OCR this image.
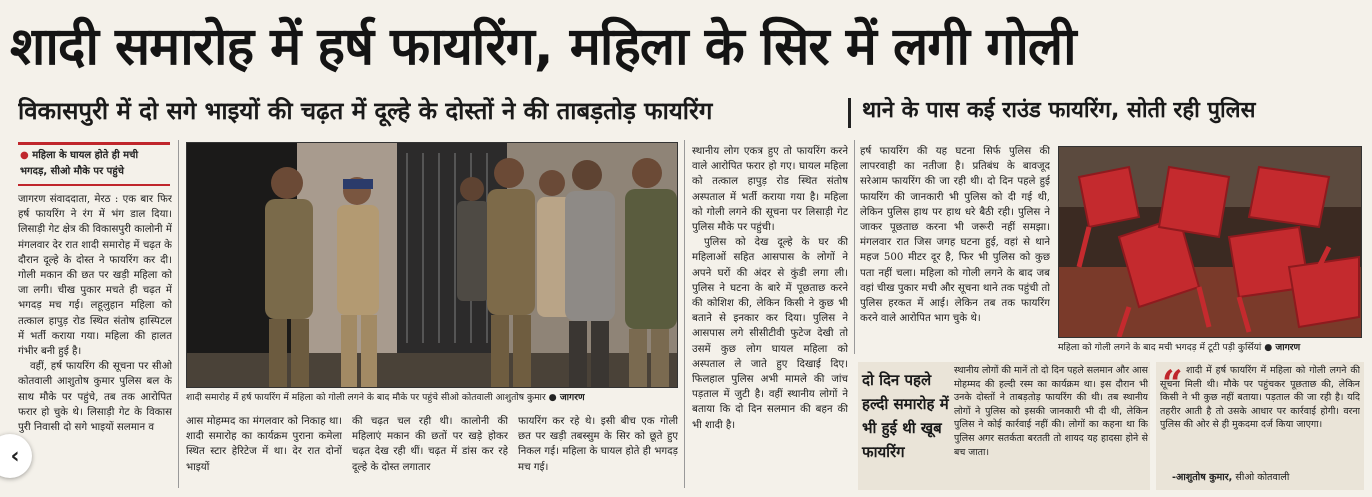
शादी समारोह में हर्ष फायरिंग, महिला के सिर में लगी गोली
विकासपुरी में दो सगे भाइयों की चढ़त में दूल्हे के दोस्तों ने की ताबड़तोड़ फायरिंग	थाने के पास कई राउंड फायरिंग, सोती रही पुलिस
● महिला के घायल होते ही मची भगदड़, सीओ मौके पर पहुंचे

जागरण संवाददाता, मेरठ : एक बार फिर हर्ष फायरिंग ने रंग में भंग डाल दिया। लिसाड़ी गेट क्षेत्र की विकासपुरी कालोनी में मंगलवार देर रात शादी समारोह में चढ़त के दौरान दूल्हे के दोस्त ने फायरिंग कर दी। गोली मकान की छत पर खड़ी महिला को जा लगी। चीख पुकार मचते ही चढ़त में भगदड़ मच गई। लहूलुहान महिला को तत्काल हापुड़ रोड स्थित संतोष हास्पिटल में भर्ती कराया गया। महिला की हालत गंभीर बनी हुई है।

वहीं, हर्ष फायरिंग की सूचना पर सीओ कोतवाली आशुतोष कुमार पुलिस बल के साथ मौके पर पहुंचे, तब तक आरोपित फरार हो चुके थे। लिसाड़ी गेट के विकास पुरी निवासी दो सगे भाइयों सलमान व

शादी समारोह में हर्ष फायरिंग में महिला को गोली लगने के बाद मौके पर पहुंचे सीओ कोतवाली आशुतोष कुमार ● जागरण

आस मोहम्मद का मंगलवार को निकाह था। शादी समारोह का कार्यक्रम पुराना कमेला स्थित स्टार हेरिटेज में था। देर रात दोनों भाइयों

की चढ़त चल रही थी। कालोनी की महिलाएं मकान की छतों पर खड़े होकर चढ़त देख रही थीं। चढ़त में डांस कर रहे दूल्हे के दोस्त लगातार

फायरिंग कर रहे थे। इसी बीच एक गोली छत पर खड़ी तबस्सुम के सिर को छूते हुए निकल गई। महिला के घायल होते ही भगदड़ मच गई।

स्थानीय लोग एकत्र हुए तो फायरिंग करने वाले आरोपित फरार हो गए। घायल महिला को तत्काल हापुड़ रोड स्थित संतोष अस्पताल में भर्ती कराया गया है। महिला को गोली लगने की सूचना पर लिसाड़ी गेट पुलिस मौके पर पहुंची।

पुलिस को देख दूल्हे के घर की महिलाओं सहित आसपास के लोगों ने अपने घरों की अंदर से कुंडी लगा ली। पुलिस ने घटना के बारे में पूछताछ करने की कोशिश की, लेकिन किसी ने कुछ भी बताने से इनकार कर दिया। पुलिस ने आसपास लगे सीसीटीवी फुटेज देखी तो उसमें कुछ लोग घायल महिला को अस्पताल ले जाते हुए दिखाई दिए। फिलहाल पुलिस अभी मामले की जांच पड़ताल में जुटी है। वहीं स्थानीय लोगों ने बताया कि दो दिन सलमान की बहन की भी शादी है।

हर्ष फायरिंग की यह घटना सिर्फ पुलिस की लापरवाही का नतीजा है। प्रतिबंध के बावजूद सरेआम फायरिंग की जा रही थी। दो दिन पहले हुई फायरिंग की जानकारी भी पुलिस को दी गई थी, लेकिन पुलिस हाथ पर हाथ धरे बैठी रही। पुलिस ने जाकर पूछताछ करना भी जरूरी नहीं समझा। मंगलवार रात जिस जगह घटना हुई, वहां से थाने महज 500 मीटर दूर है, फिर भी पुलिस को कुछ पता नहीं चला। महिला को गोली लगने के बाद जब वहां चीख पुकार मची और सूचना थाने तक पहुंची तो पुलिस हरकत में आई। लेकिन तब तक फायरिंग करने वाले आरोपित भाग चुके थे।

महिला को गोली लगने के बाद मची भगदड़ में टूटी पड़ी कुर्सियां ● जागरण
दो दिन पहले हल्दी समारोह में भी हुई थी खूब फायरिंग
स्थानीय लोगों की मानें तो दो दिन पहले सलमान और आस मोहम्मद की हल्दी रस्म का कार्यक्रम था। इस दौरान भी उनके दोस्तों ने ताबड़तोड़ फायरिंग की थी। तब स्थानीय लोगों ने पुलिस को इसकी जानकारी भी दी थी, लेकिन पुलिस ने कोई कार्रवाई नहीं की। लोगों का कहना था कि पुलिस अगर सतर्कता बरतती तो शायद यह हादसा होने से बच जाता।
शादी में हर्ष फायरिंग में महिला को गोली लगने की सूचना मिली थी। मौके पर पहुंचकर पूछताछ की, लेकिन किसी ने भी कुछ नहीं बताया। पड़ताल की जा रही है। यदि तहरीर आती है तो उसके आधार पर कार्रवाई होगी। वरना पुलिस की ओर से ही मुकदमा दर्ज किया जाएगा।
“
-आशुतोष कुमार, सीओ कोतवाली
‹
